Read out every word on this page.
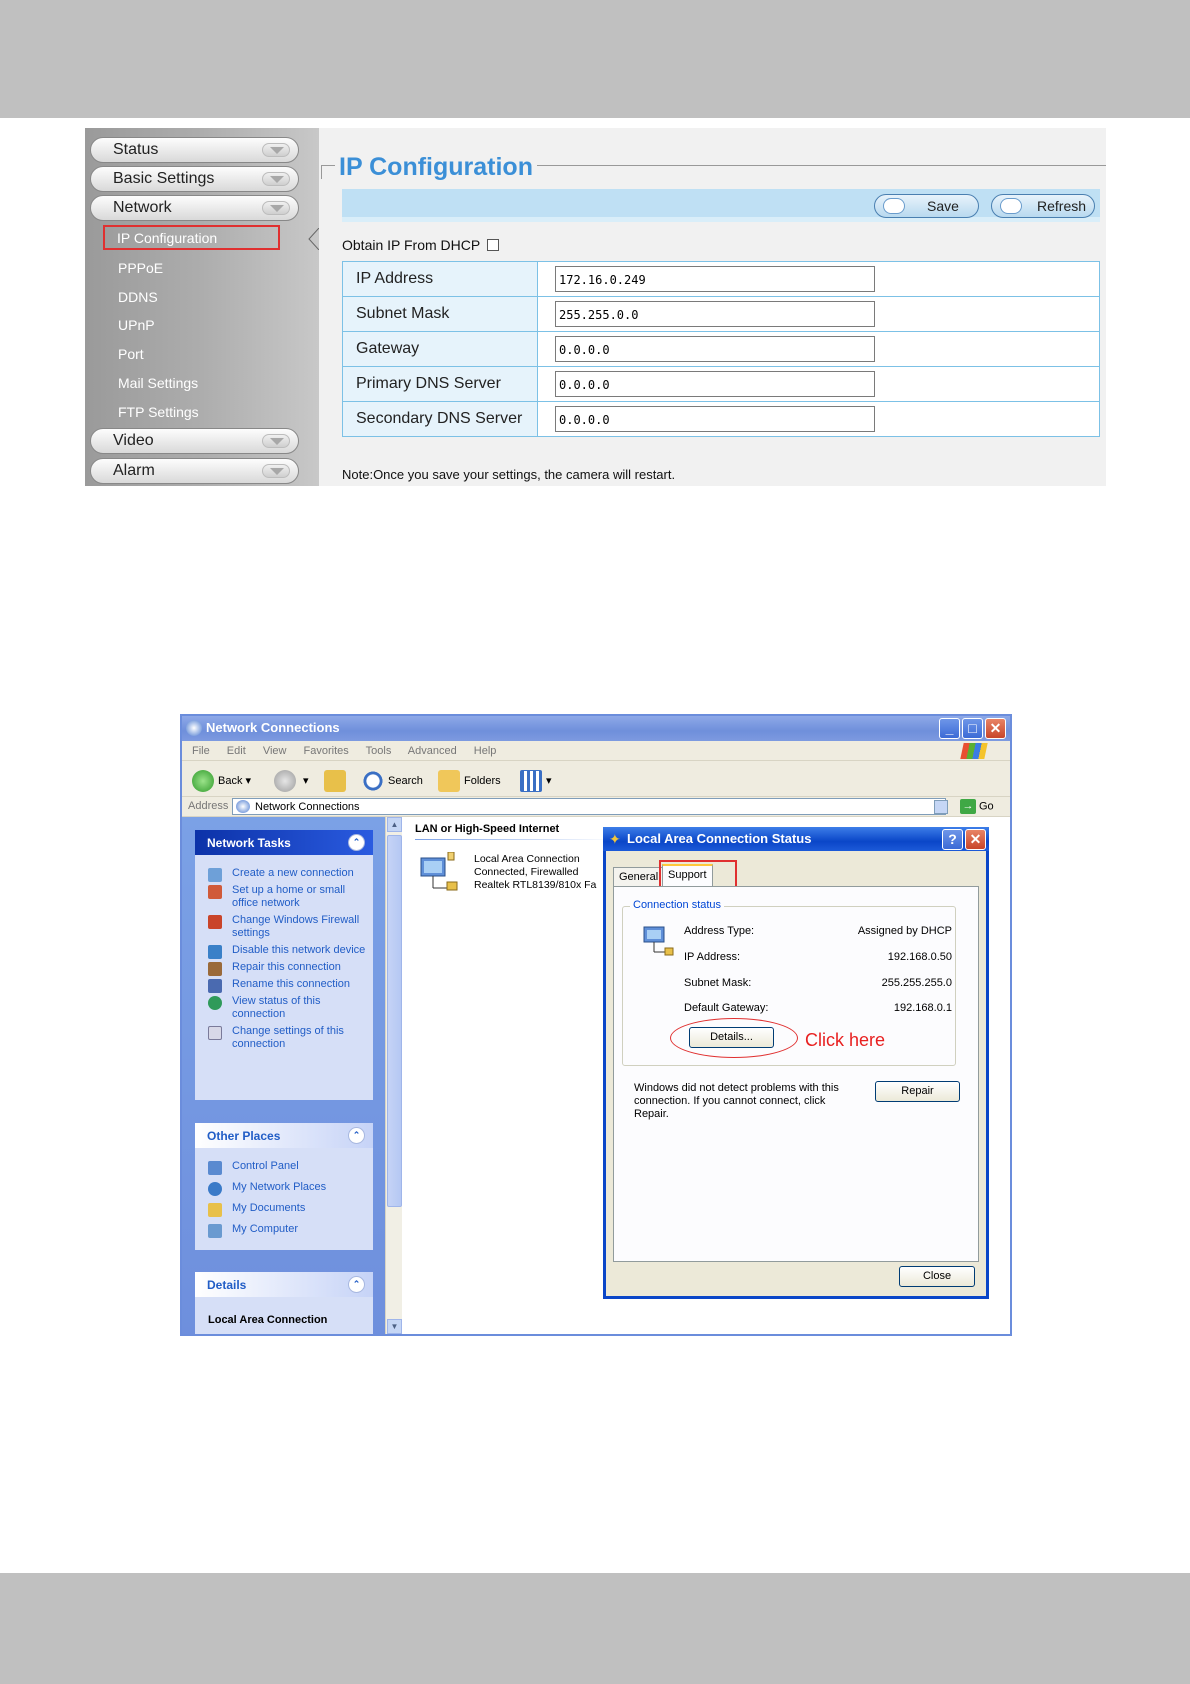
Status
Basic Settings
Network
IP Configuration
PPPoE
DDNS
UPnP
Port
Mail Settings
FTP Settings
Video
Alarm
IP Configuration
Save	Refresh
Obtain IP From DHCP
IP Address	172.16.0.249

Subnet Mask	255.255.0.0

Gateway	0.0.0.0

Primary DNS Server	0.0.0.0

Secondary DNS Server	0.0.0.0
Note:Once you save your settings, the camera will restart.
Network Connections	_	□ ✕
File Edit View Favorites Tools Advanced Help
Back ▾	▾	Search	Folders	▾
Address	Network Connections	→ Go
Network Tasks	⌃
Create a new connection
Set up a home or small office network
Change Windows Firewall settings
Disable this network device
Repair this connection
Rename this connection
View status of this connection
Change settings of this connection
Other Places	⌃
Control Panel
My Network Places
My Documents
My Computer
Details	⌃
Local Area Connection
▲
▼
LAN or High-Speed Internet
Local Area Connection
Connected, Firewalled
Realtek RTL8139/810x Fa
✦ Local Area Connection Status	? ✕
General Support
Connection status
Address Type:	Assigned by DHCP
IP Address:	192.168.0.50
Subnet Mask:	255.255.255.0
Default Gateway:	192.168.0.1
Details...	Click here
Windows did not detect problems with this connection. If you cannot connect, click Repair.
Repair
Close
